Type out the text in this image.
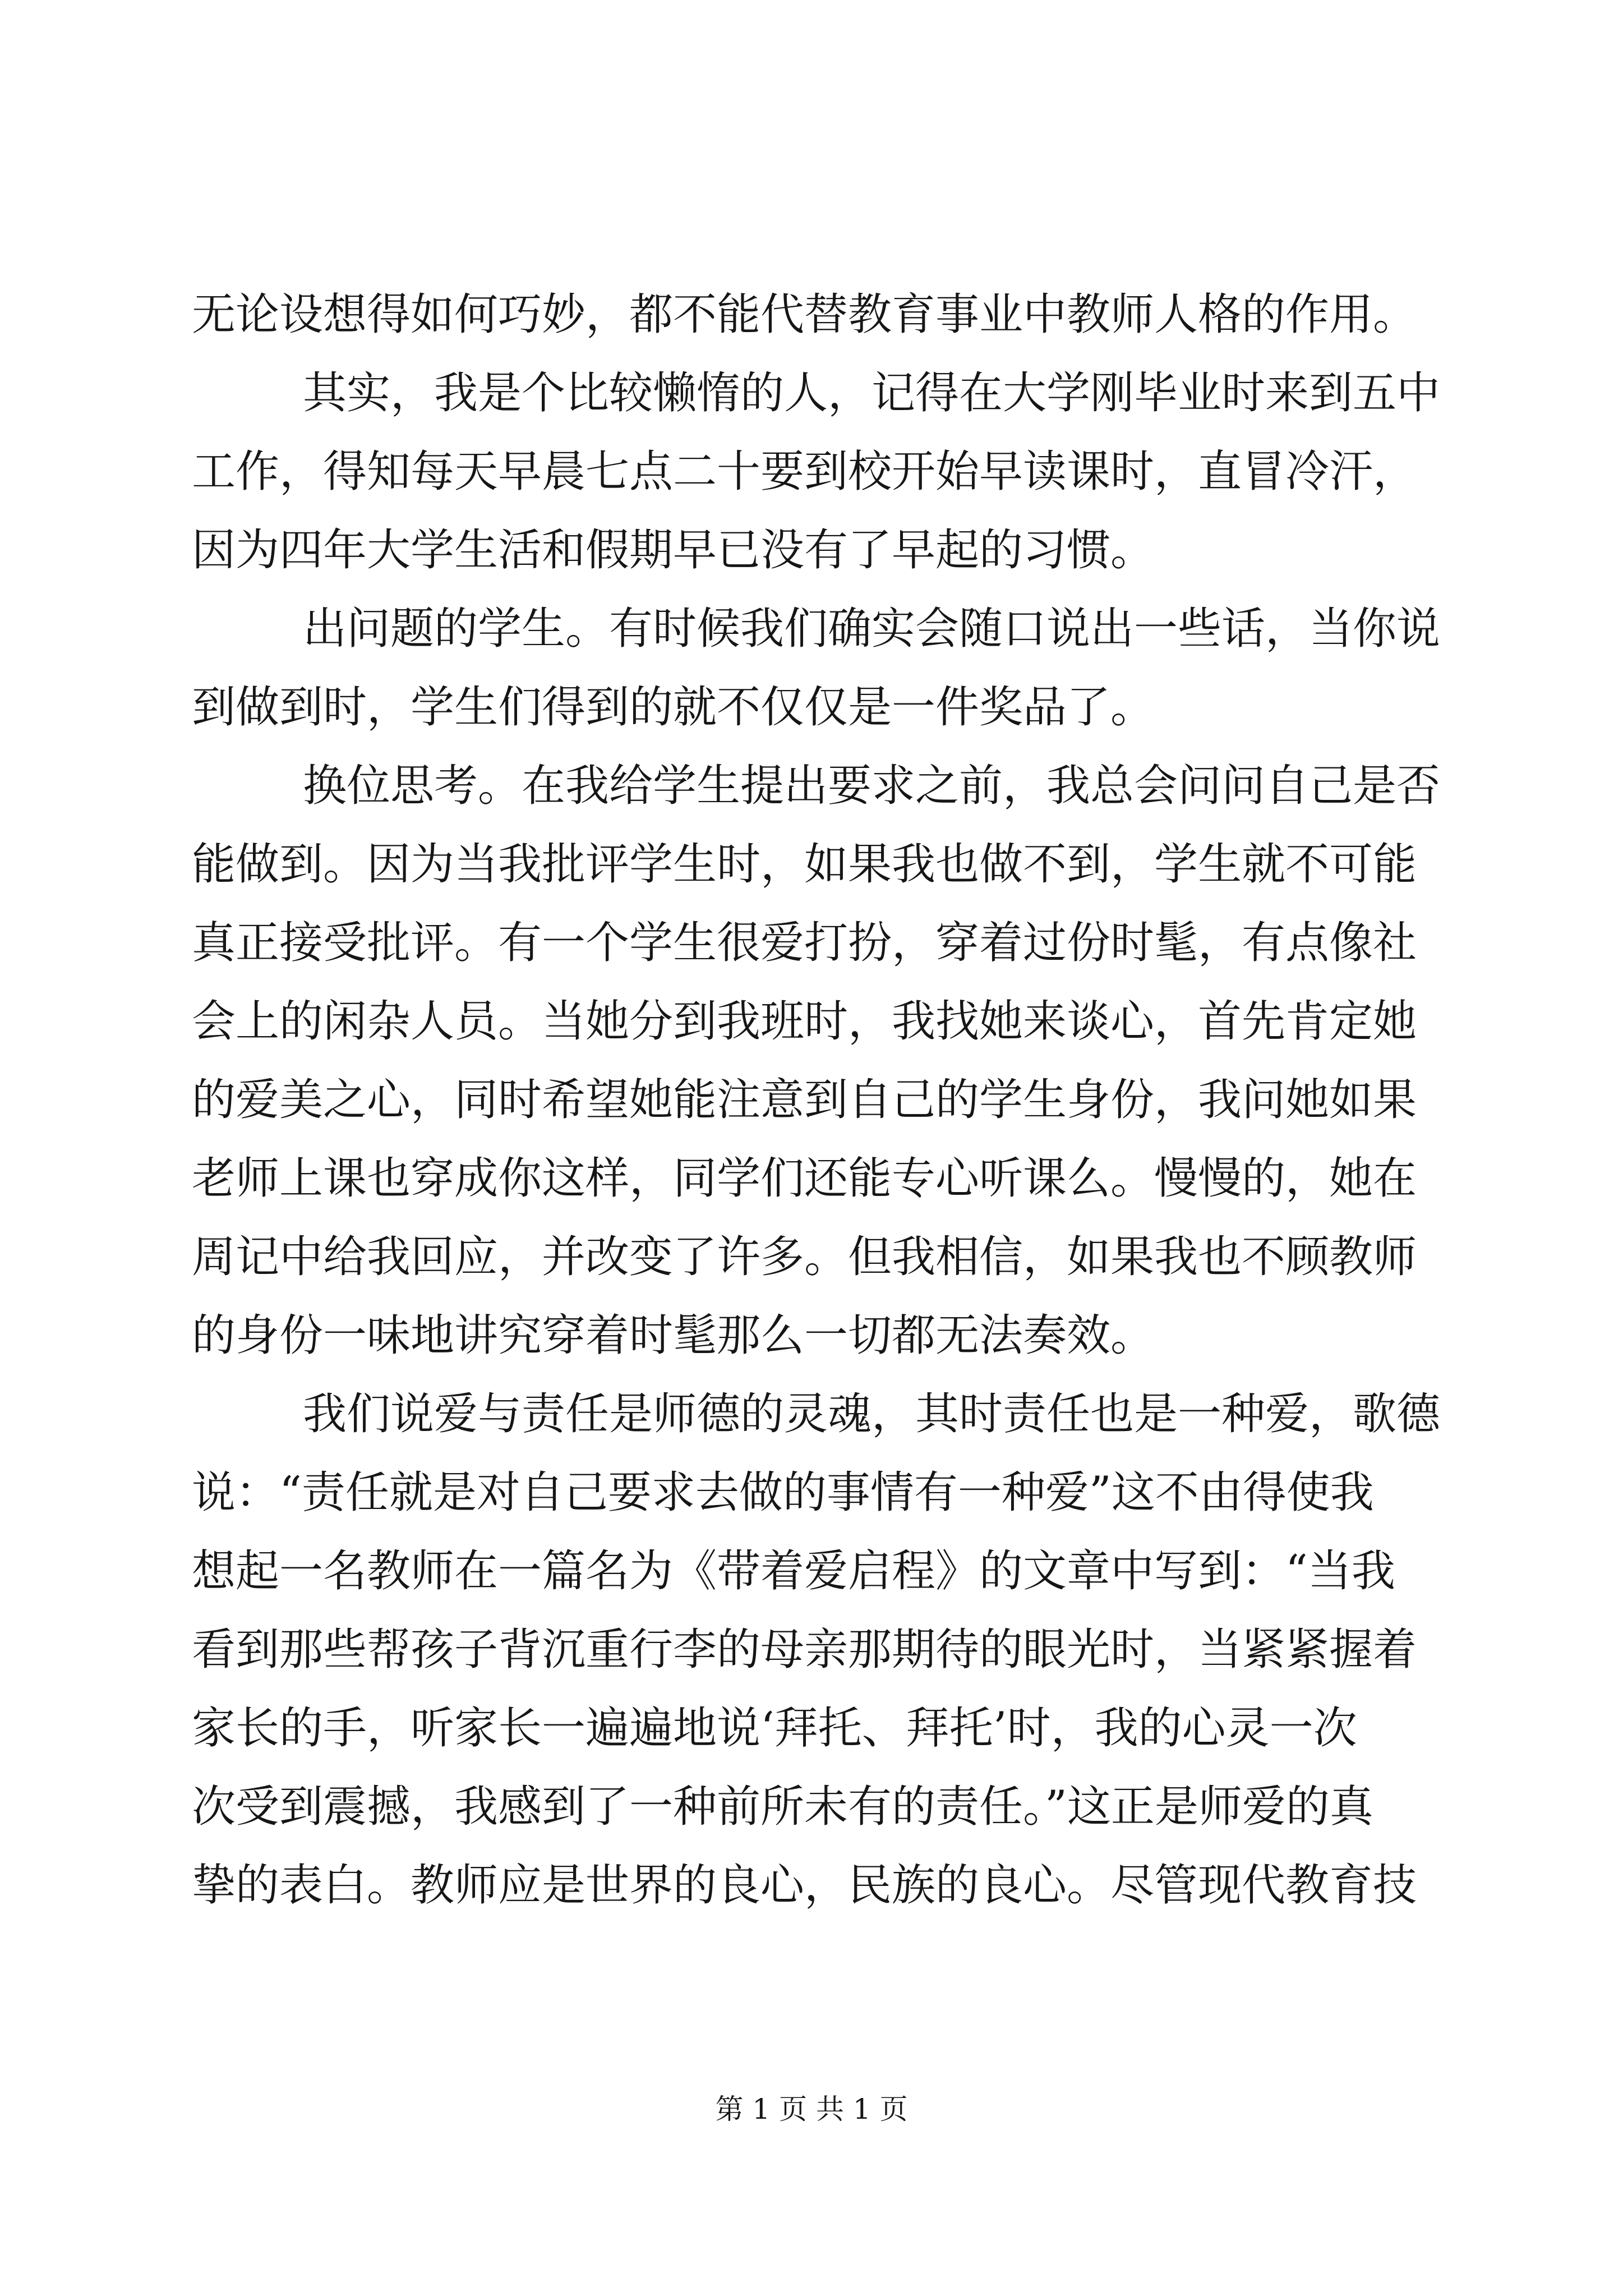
无论设想得如何巧妙，都不能代替教育事业中教师人格的作用。
其实，我是个比较懒惰的人，记得在大学刚毕业时来到五中
工作，得知每天早晨七点二十要到校开始早读课时，直冒冷汗，
因为四年大学生活和假期早已没有了早起的习惯。
出问题的学生。有时候我们确实会随口说出一些话，当你说
到做到时，学生们得到的就不仅仅是一件奖品了。
换位思考。在我给学生提出要求之前，我总会问问自己是否
能做到。因为当我批评学生时，如果我也做不到，学生就不可能
真正接受批评。有一个学生很爱打扮，穿着过份时髦，有点像社
会上的闲杂人员。当她分到我班时，我找她来谈心，首先肯定她
的爱美之心，同时希望她能注意到自己的学生身份，我问她如果
老师上课也穿成你这样，同学们还能专心听课么。慢慢的，她在
周记中给我回应，并改变了许多。但我相信，如果我也不顾教师
的身份一味地讲究穿着时髦那么一切都无法奏效。
我们说爱与责任是师德的灵魂，其时责任也是一种爱，歌德
说：“责任就是对自己要求去做的事情有一种爱”这不由得使我
想起一名教师在一篇名为《带着爱启程》的文章中写到：“当我
看到那些帮孩子背沉重行李的母亲那期待的眼光时，当紧紧握着
家长的手，听家长一遍遍地说‘拜托、拜托’时，我的心灵一次
次受到震撼，我感到了一种前所未有的责任。”这正是师爱的真
挚的表白。教师应是世界的良心，民族的良心。尽管现代教育技
第 1 页 共 1 页
